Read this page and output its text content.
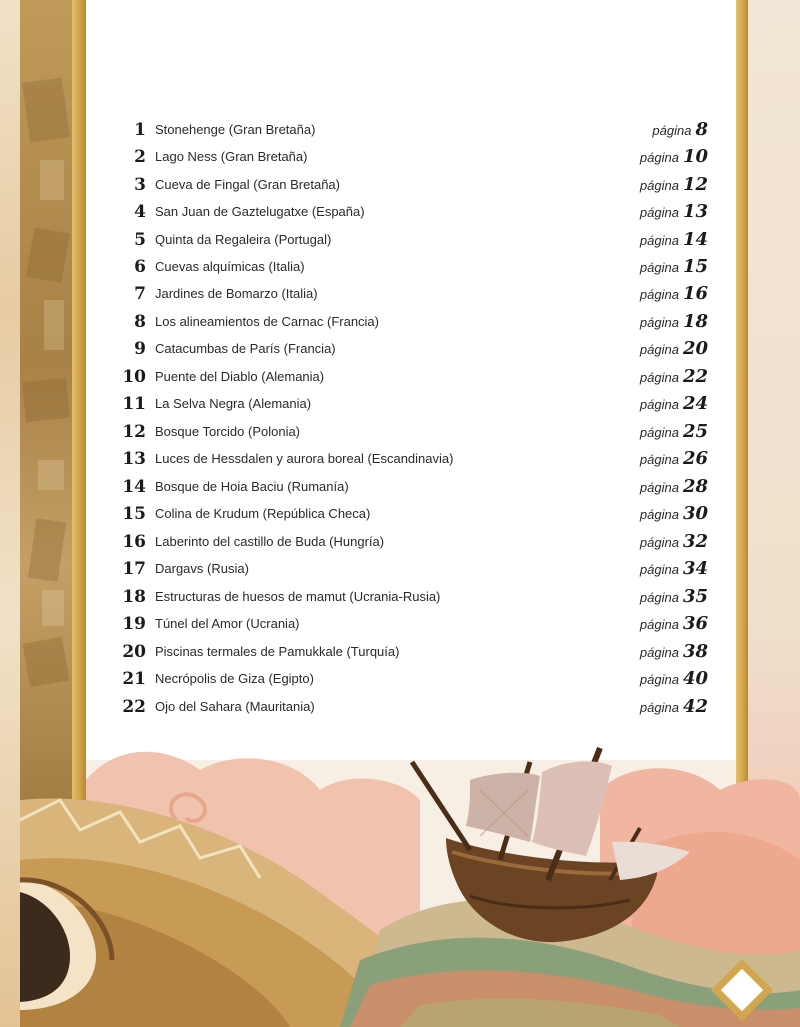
1 Stonehenge (Gran Bretaña)	página 8
2 Lago Ness (Gran Bretaña)	página 10
3 Cueva de Fingal (Gran Bretaña)	página 12
4 San Juan de Gaztelugatxe (España)	página 13
5 Quinta da Regaleira (Portugal)	página 14
6 Cuevas alquímicas (Italia)	página 15
7 Jardines de Bomarzo (Italia)	página 16
8 Los alineamientos de Carnac (Francia)	página 18
9 Catacumbas de París (Francia)	página 20
10 Puente del Diablo (Alemania)	página 22
11 La Selva Negra (Alemania)	página 24
12 Bosque Torcido (Polonia)	página 25
13 Luces de Hessdalen y aurora boreal (Escandinavia)	página 26
14 Bosque de Hoia Baciu (Rumanía)	página 28
15 Colina de Krudum (República Checa)	página 30
16 Laberinto del castillo de Buda (Hungría)	página 32
17 Dargavs (Rusia)	página 34
18 Estructuras de huesos de mamut (Ucrania-Rusia)	página 35
19 Túnel del Amor (Ucrania)	página 36
20 Piscinas termales de Pamukkale (Turquía)	página 38
21 Necrópolis de Giza (Egipto)	página 40
22 Ojo del Sahara (Mauritania)	página 42
